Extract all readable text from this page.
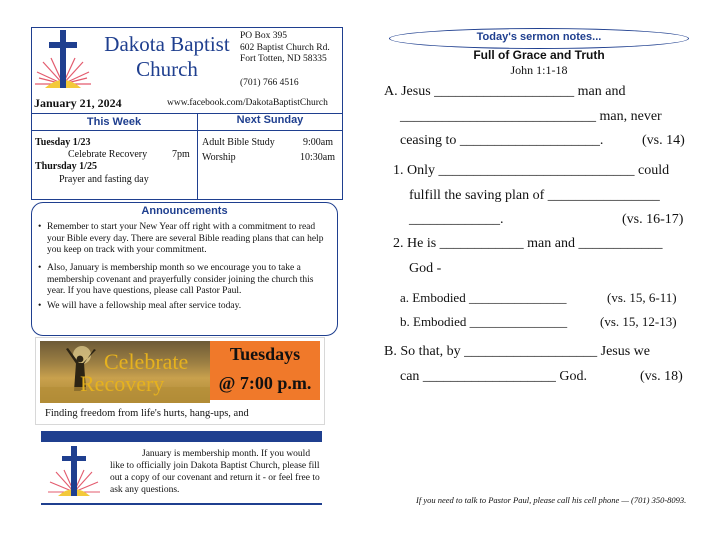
Dakota Baptist Church
PO Box 395
602 Baptist Church Rd.
Fort Totten, ND 58335
(701) 766 4516
January 21, 2024	www.facebook.com/DakotaBaptistChurch
This Week	Next Sunday
Tuesday 1/23
Celebrate Recovery 7pm
Thursday 1/25
Prayer and fasting day
Adult Bible Study	9:00am
Worship	10:30am
Announcements
• Remember to start your New Year off right with a commitment to read your Bible every day. There are several Bible reading plans that can help you keep on track with your commitment.
• Also, January is membership month so we encourage you to take a membership covenant and prayerfully consider joining the church this year. If you have questions, please call Pastor Paul.
• We will have a fellowship meal after service today.
Celebrate
Recovery
Tuesdays
@ 7:00 p.m.
Finding freedom from life's hurts, hang-ups, and
January is membership month. If you would like to officially join Dakota Baptist Church, please fill out a copy of our covenant and return it - or feel free to ask any questions.
Today's sermon notes...
Full of Grace and Truth
John 1:1-18
A. Jesus ____________________ man and
____________________________ man, never
ceasing to ____________________.	(vs. 14)
1. Only ____________________________ could
fulfill the saving plan of ________________
_____________.	(vs. 16-17)
2. He is ____________ man and ____________
God -
a. Embodied _______________	(vs. 15, 6-11)
b. Embodied _______________	(vs. 15, 12-13)
B. So that, by ___________________ Jesus we
can ___________________ God.	(vs. 18)
If you need to talk to Pastor Paul, please call his cell phone — (701) 350-8093.
